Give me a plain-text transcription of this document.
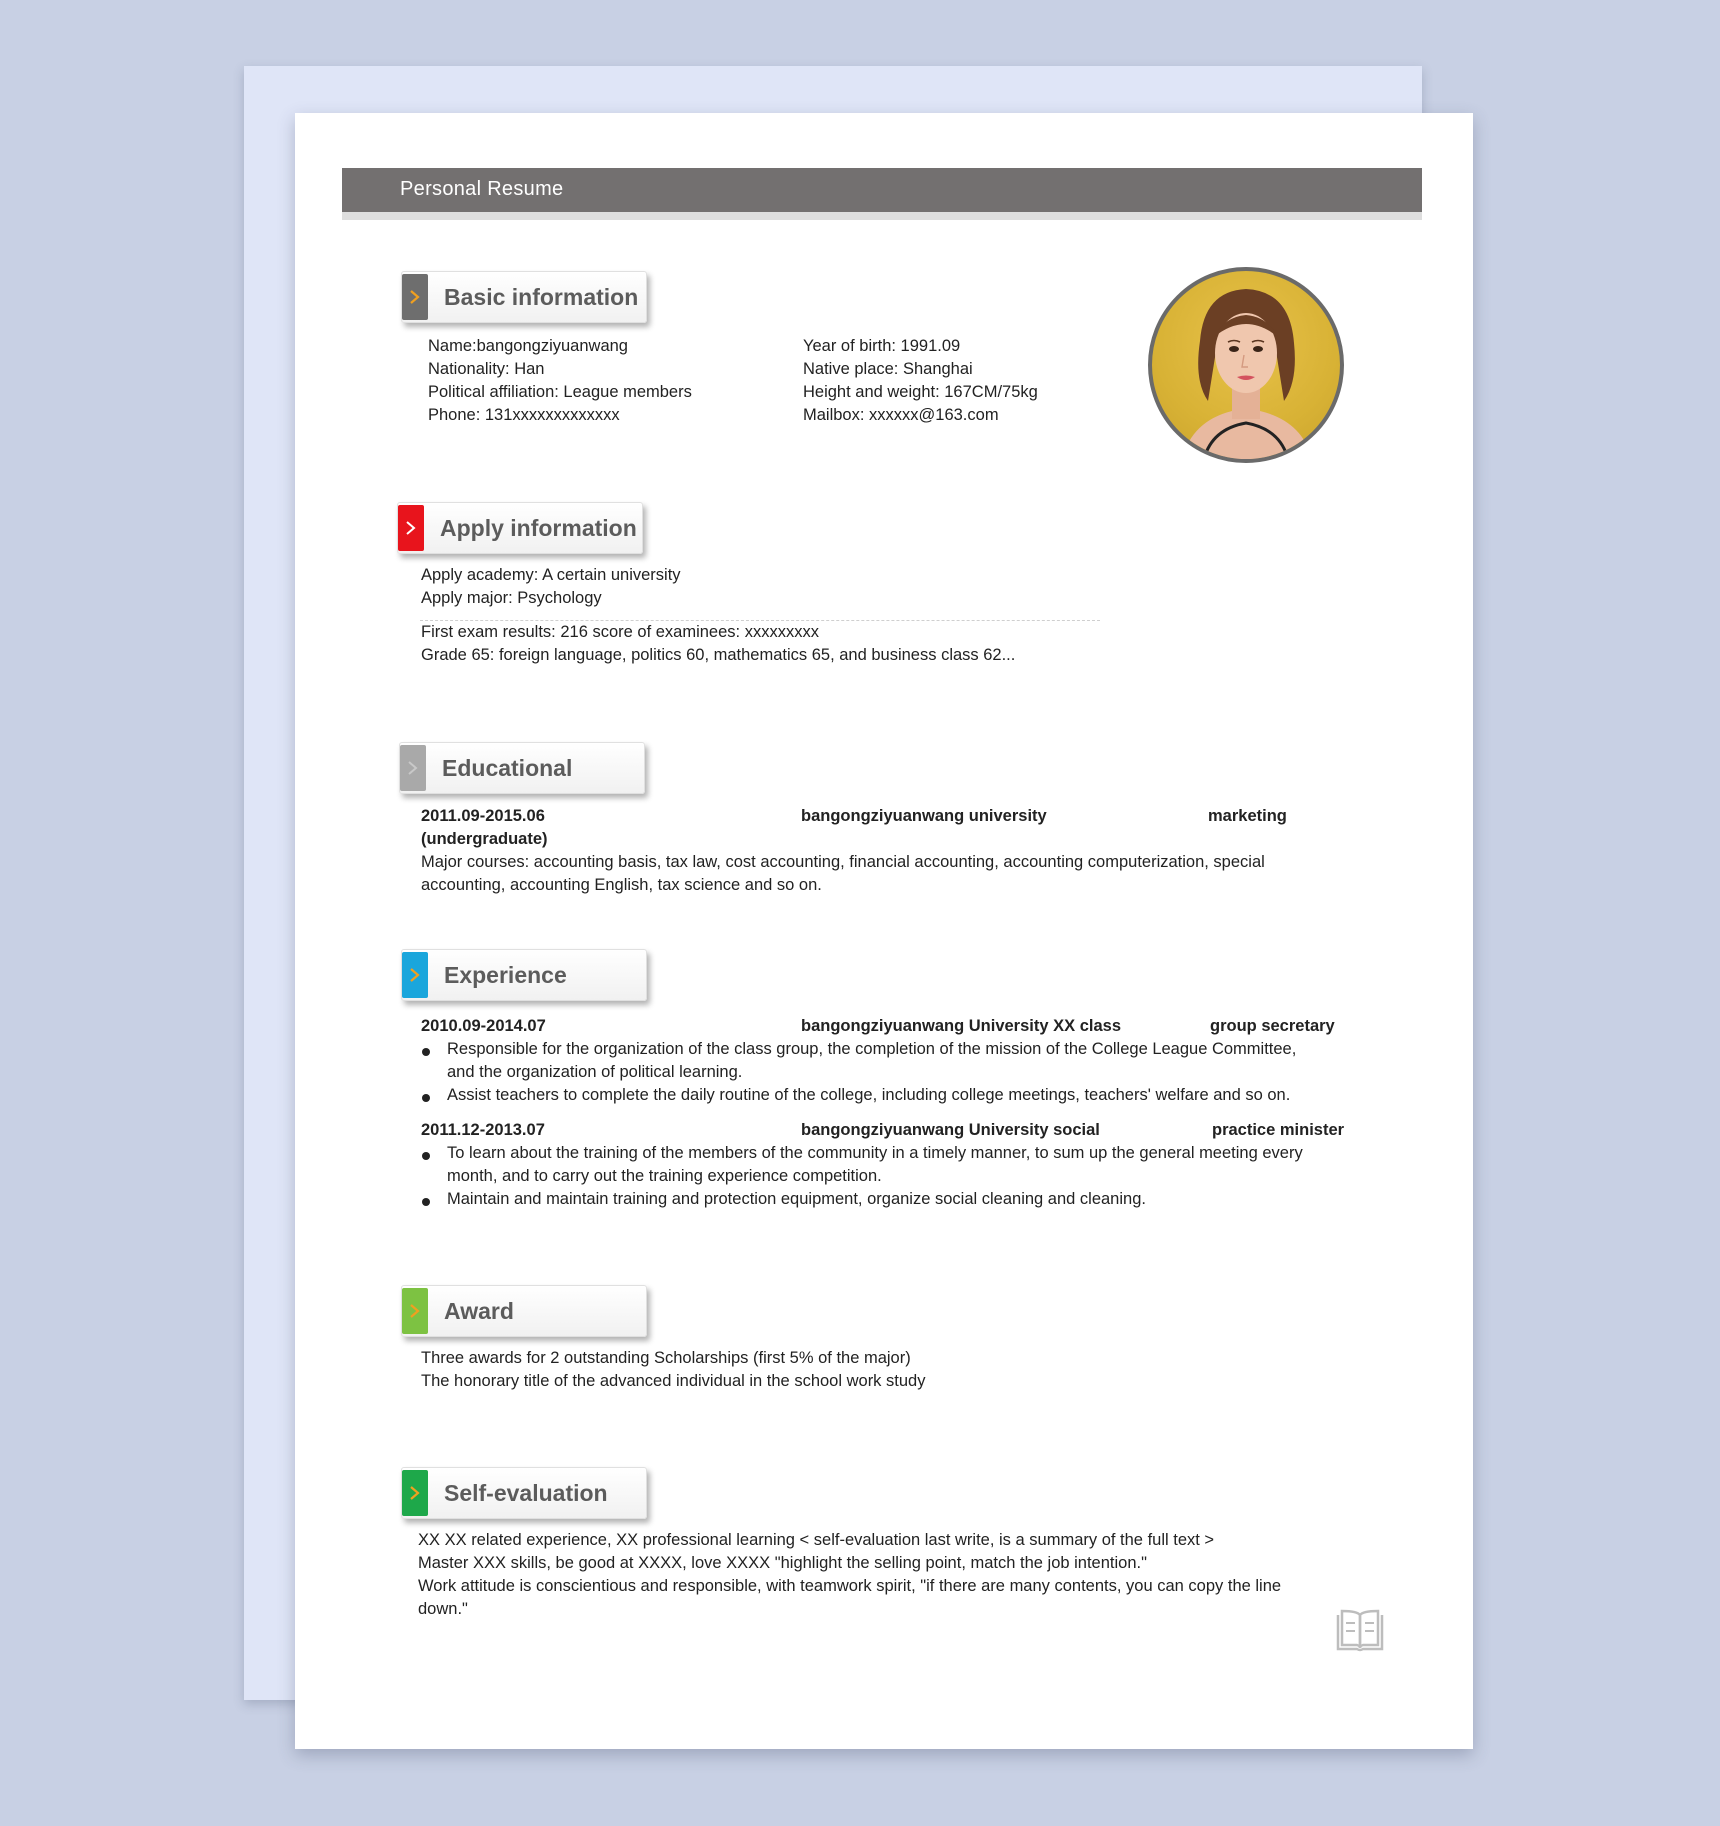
Personal Resume
Basic information
Name:bangongziyuanwang
Nationality: Han
Political affiliation: League members
Phone: 131xxxxxxxxxxxxx
Year of birth: 1991.09
Native place: Shanghai
Height and weight: 167CM/75kg
Mailbox: xxxxxx@163.com
Apply information
Apply academy: A certain university
Apply major: Psychology
First exam results: 216 score of examinees: xxxxxxxxx
Grade 65: foreign language, politics 60, mathematics 65, and business class 62...
Educational
2011.09-2015.06	bangongziyuanwang university	marketing
(undergraduate)
Major courses: accounting basis, tax law, cost accounting, financial accounting, accounting computerization, special accounting, accounting English, tax science and so on.
Experience
2010.09-2014.07	bangongziyuanwang University XX class	group secretary
Responsible for the organization of the class group, the completion of the mission of the College League Committee, and the organization of political learning.
Assist teachers to complete the daily routine of the college, including college meetings, teachers' welfare and so on.
2011.12-2013.07	bangongziyuanwang University social	practice minister
To learn about the training of the members of the community in a timely manner, to sum up the general meeting every month, and to carry out the training experience competition.
Maintain and maintain training and protection equipment, organize social cleaning and cleaning.
Award
Three awards for 2 outstanding Scholarships (first 5% of the major)
The honorary title of the advanced individual in the school work study
Self-evaluation
XX XX related experience, XX professional learning < self-evaluation last write, is a summary of the full text >
Master XXX skills, be good at XXXX, love XXXX "highlight the selling point, match the job intention."
Work attitude is conscientious and responsible, with teamwork spirit, "if there are many contents, you can copy the line down."
